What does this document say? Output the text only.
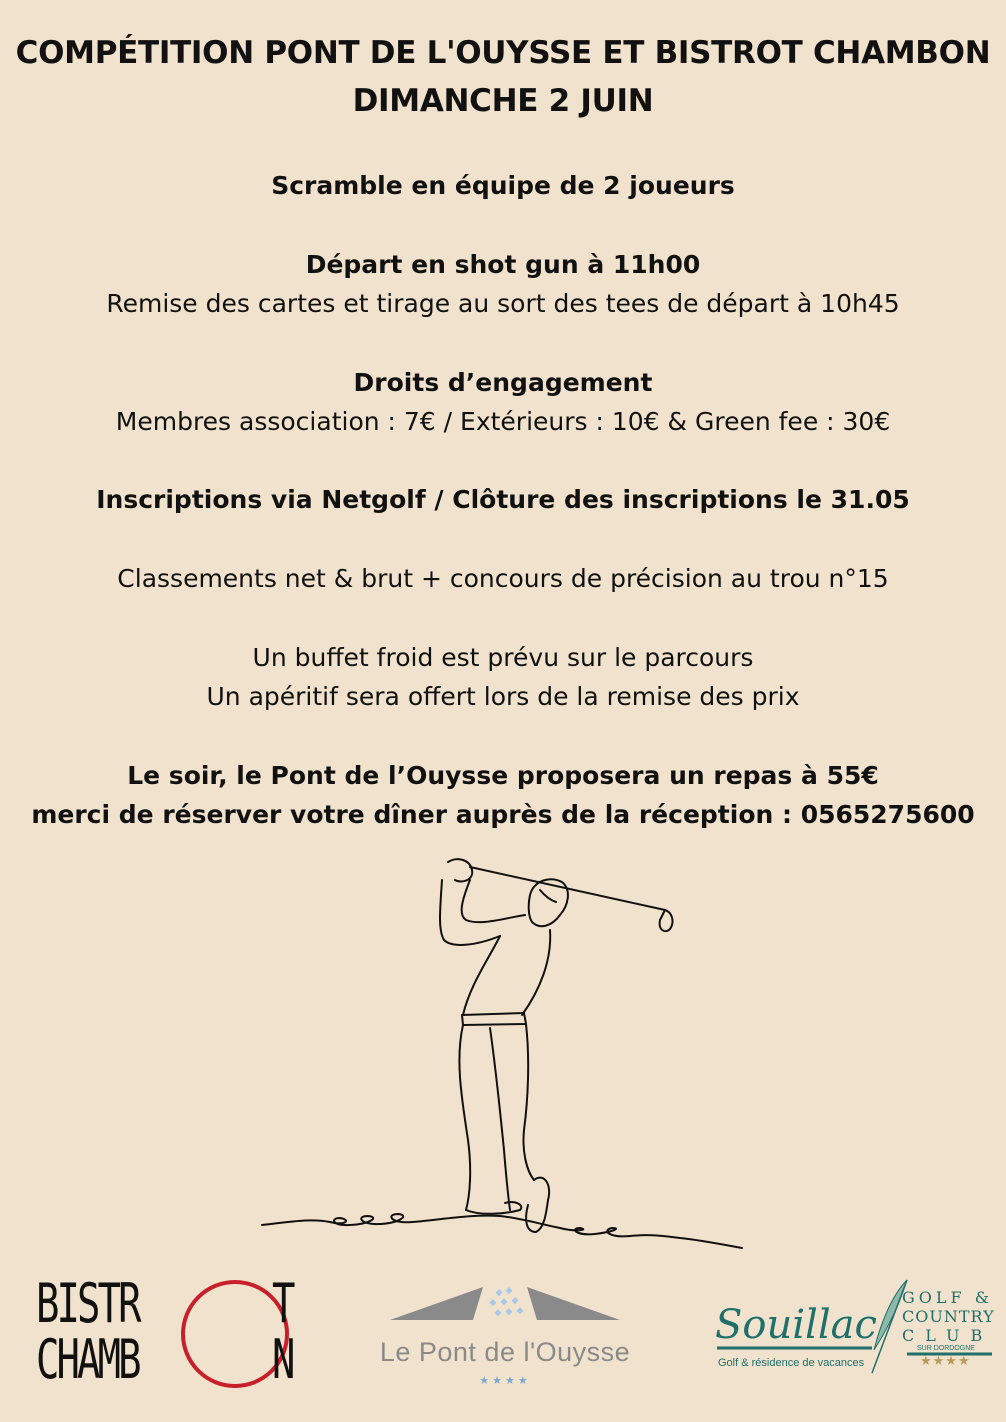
COMPÉTITION PONT DE L'OUYSSE ET BISTROT CHAMBON
DIMANCHE 2 JUIN
Scramble en équipe de 2 joueurs
Départ en shot gun à 11h00
Remise des cartes et tirage au sort des tees de départ à 10h45
Droits d’engagement
Membres association : 7€ / Extérieurs : 10€ & Green fee : 30€
Inscriptions via Netgolf / Clôture des inscriptions le 31.05
Classements net & brut + concours de précision au trou n°15
Un buffet froid est prévu sur le parcours
Un apéritif sera offert lors de la remise des prix
Le soir, le Pont de l’Ouysse proposera un repas à 55€
merci de réserver votre dîner auprès de la réception : 0565275600
BISTR T
CHAMB N	Le Pont de l'Ouysse
★★★★
Souillac
GOLF &
COUNTRY
CLUB
SUR DORDOGNE
Golf & résidence de vacances	★★★★
